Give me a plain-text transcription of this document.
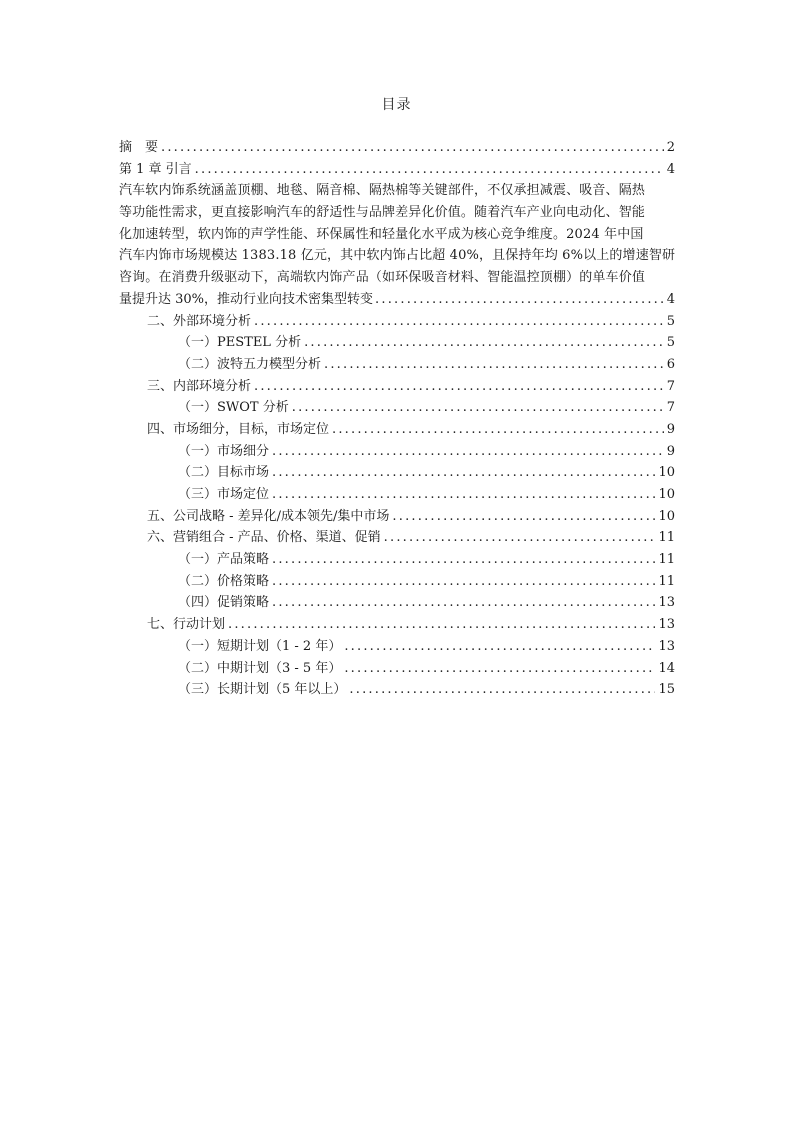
目录
摘　要 .....	2
第 1 章 引言 .....	4
汽车软内饰系统涵盖顶棚、地毯、隔音棉、隔热棉等关键部件，不仅承担减震、吸音、隔热
等功能性需求，更直接影响汽车的舒适性与品牌差异化价值。随着汽车产业向电动化、智能
化加速转型，软内饰的声学性能、环保属性和轻量化水平成为核心竞争维度。2024 年中国
汽车内饰市场规模达 1383.18 亿元，其中软内饰占比超 40%，且保持年均 6%以上的增速智研
咨询。在消费升级驱动下，高端软内饰产品（如环保吸音材料、智能温控顶棚）的单车价值
量提升达 30%，推动行业向技术密集型转变 .....	4
二、外部环境分析 .....	5
（一）PESTEL 分析 .....	5
（二）波特五力模型分析 .....	6
三、内部环境分析 .....	7
（一）SWOT 分析 .....	7
四、市场细分，目标，市场定位 .....	9
（一）市场细分 .....	9
（二）目标市场 .....	10
（三）市场定位 .....	10
五、公司战略 - 差异化/成本领先/集中市场 .....	10
六、营销组合 - 产品、价格、渠道、促销 .....	11
（一）产品策略 .....	11
（二）价格策略 .....	11
（四）促销策略 .....	13
七、行动计划 .....	13
（一）短期计划（1 - 2 年） .....	13
（二）中期计划（3 - 5 年） .....	14
（三）长期计划（5 年以上） .....	15
